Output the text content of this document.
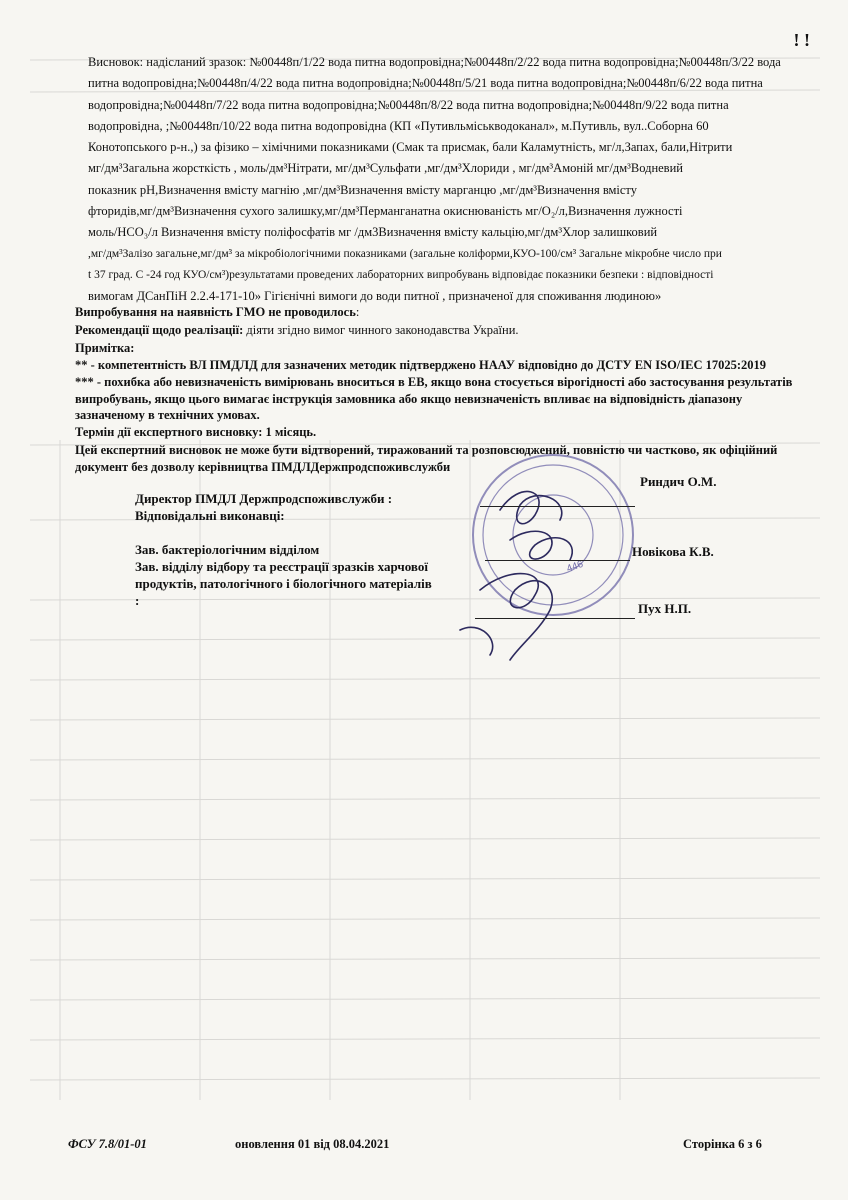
! !
Висновок: надісланий зразок: №00448п/1/22 вода питна водопровідна;№00448п/2/22 вода питна водопровідна;№00448п/3/22 вода
питна водопровідна;№00448п/4/22 вода питна водопровідна;№00448п/5/21 вода питна водопровідна;№00448п/6/22 вода питна
водопровідна;№00448п/7/22 вода питна водопровідна;№00448п/8/22 вода питна водопровідна;№00448п/9/22 вода питна
водопровідна, ;№00448п/10/22 вода питна водопровідна (КП «Путивльміськводоканал», м.Путивль, вул..Соборна 60
Конотопського р-н.,) за фізико – хімічними показниками (Смак та присмак, бали Каламутність, мг/л,Запах, бали,Нітрити
мг/дм³Загальна жорсткість , моль/дм³Нітрати, мг/дм³Сульфати ,мг/дм³Хлориди , мг/дм³Амоній мг/дм³Водневий
показник рН,Визначення вмісту магнію ,мг/дм³Визначення вмісту марганцю ,мг/дм³Визначення вмісту
фторидів,мг/дм³Визначення сухого залишку,мг/дм³Перманганатна окиснюваність мг/О₂/л,Визначення лужності
моль/HCO₃/л Визначення вмісту поліфосфатів мг /дм3Визначення вмісту кальцію,мг/дм³Хлор залишковий
,мг/дм³Залізо загальне,мг/дм³ за мікробіологічними показниками (загальне коліформи,КУО-100/см³ Загальне мікробне число при
t 37 град. С -24 год КУО/см³)результатами проведених лабораторних випробувань відповідає показники безпеки : відповідності
вимогам ДСанПіН 2.2.4-171-10» Гігієнічні вимоги до води питної , призначеної для споживання людиною»
Випробування на наявність ГМО не проводилось:
Рекомендації щодо реалізації: діяти згідно вимог чинного законодавства України.
Примітка:
** - компетентність ВЛ ПМДЛД для зазначених методик підтверджено НААУ відповідно до ДСТУ EN ISO/IEC 17025:2019
*** - похибка або невизначеність вимірювань вноситься в ЕВ, якщо вона стосується вірогідності або застосування результатів
випробувань, якщо цього вимагає інструкція замовника або якщо невизначеність впливає на відповідність діапазону
зазначеному в технічних умовах.
Термін дії експертного висновку: 1 місяць.
Цей експертний висновок не може бути відтворений, тиражований та розповсюджений, повністю чи частково, як офіційний
документ без дозволу керівництва ПМДЛДержпродспоживслужби
446
Директор ПМДЛ Держпродспоживслужби :
Відповідальні виконавці:
Зав. бактеріологічним відділом
Зав. відділу відбору та реєстрації зразків харчової
продуктів, патологічного і біологічного матеріалів
:
Риндич О.М.
Новікова К.В.
Пух Н.П.
ФСУ 7.8/01-01	оновлення 01 від 08.04.2021	Сторінка 6 з 6
